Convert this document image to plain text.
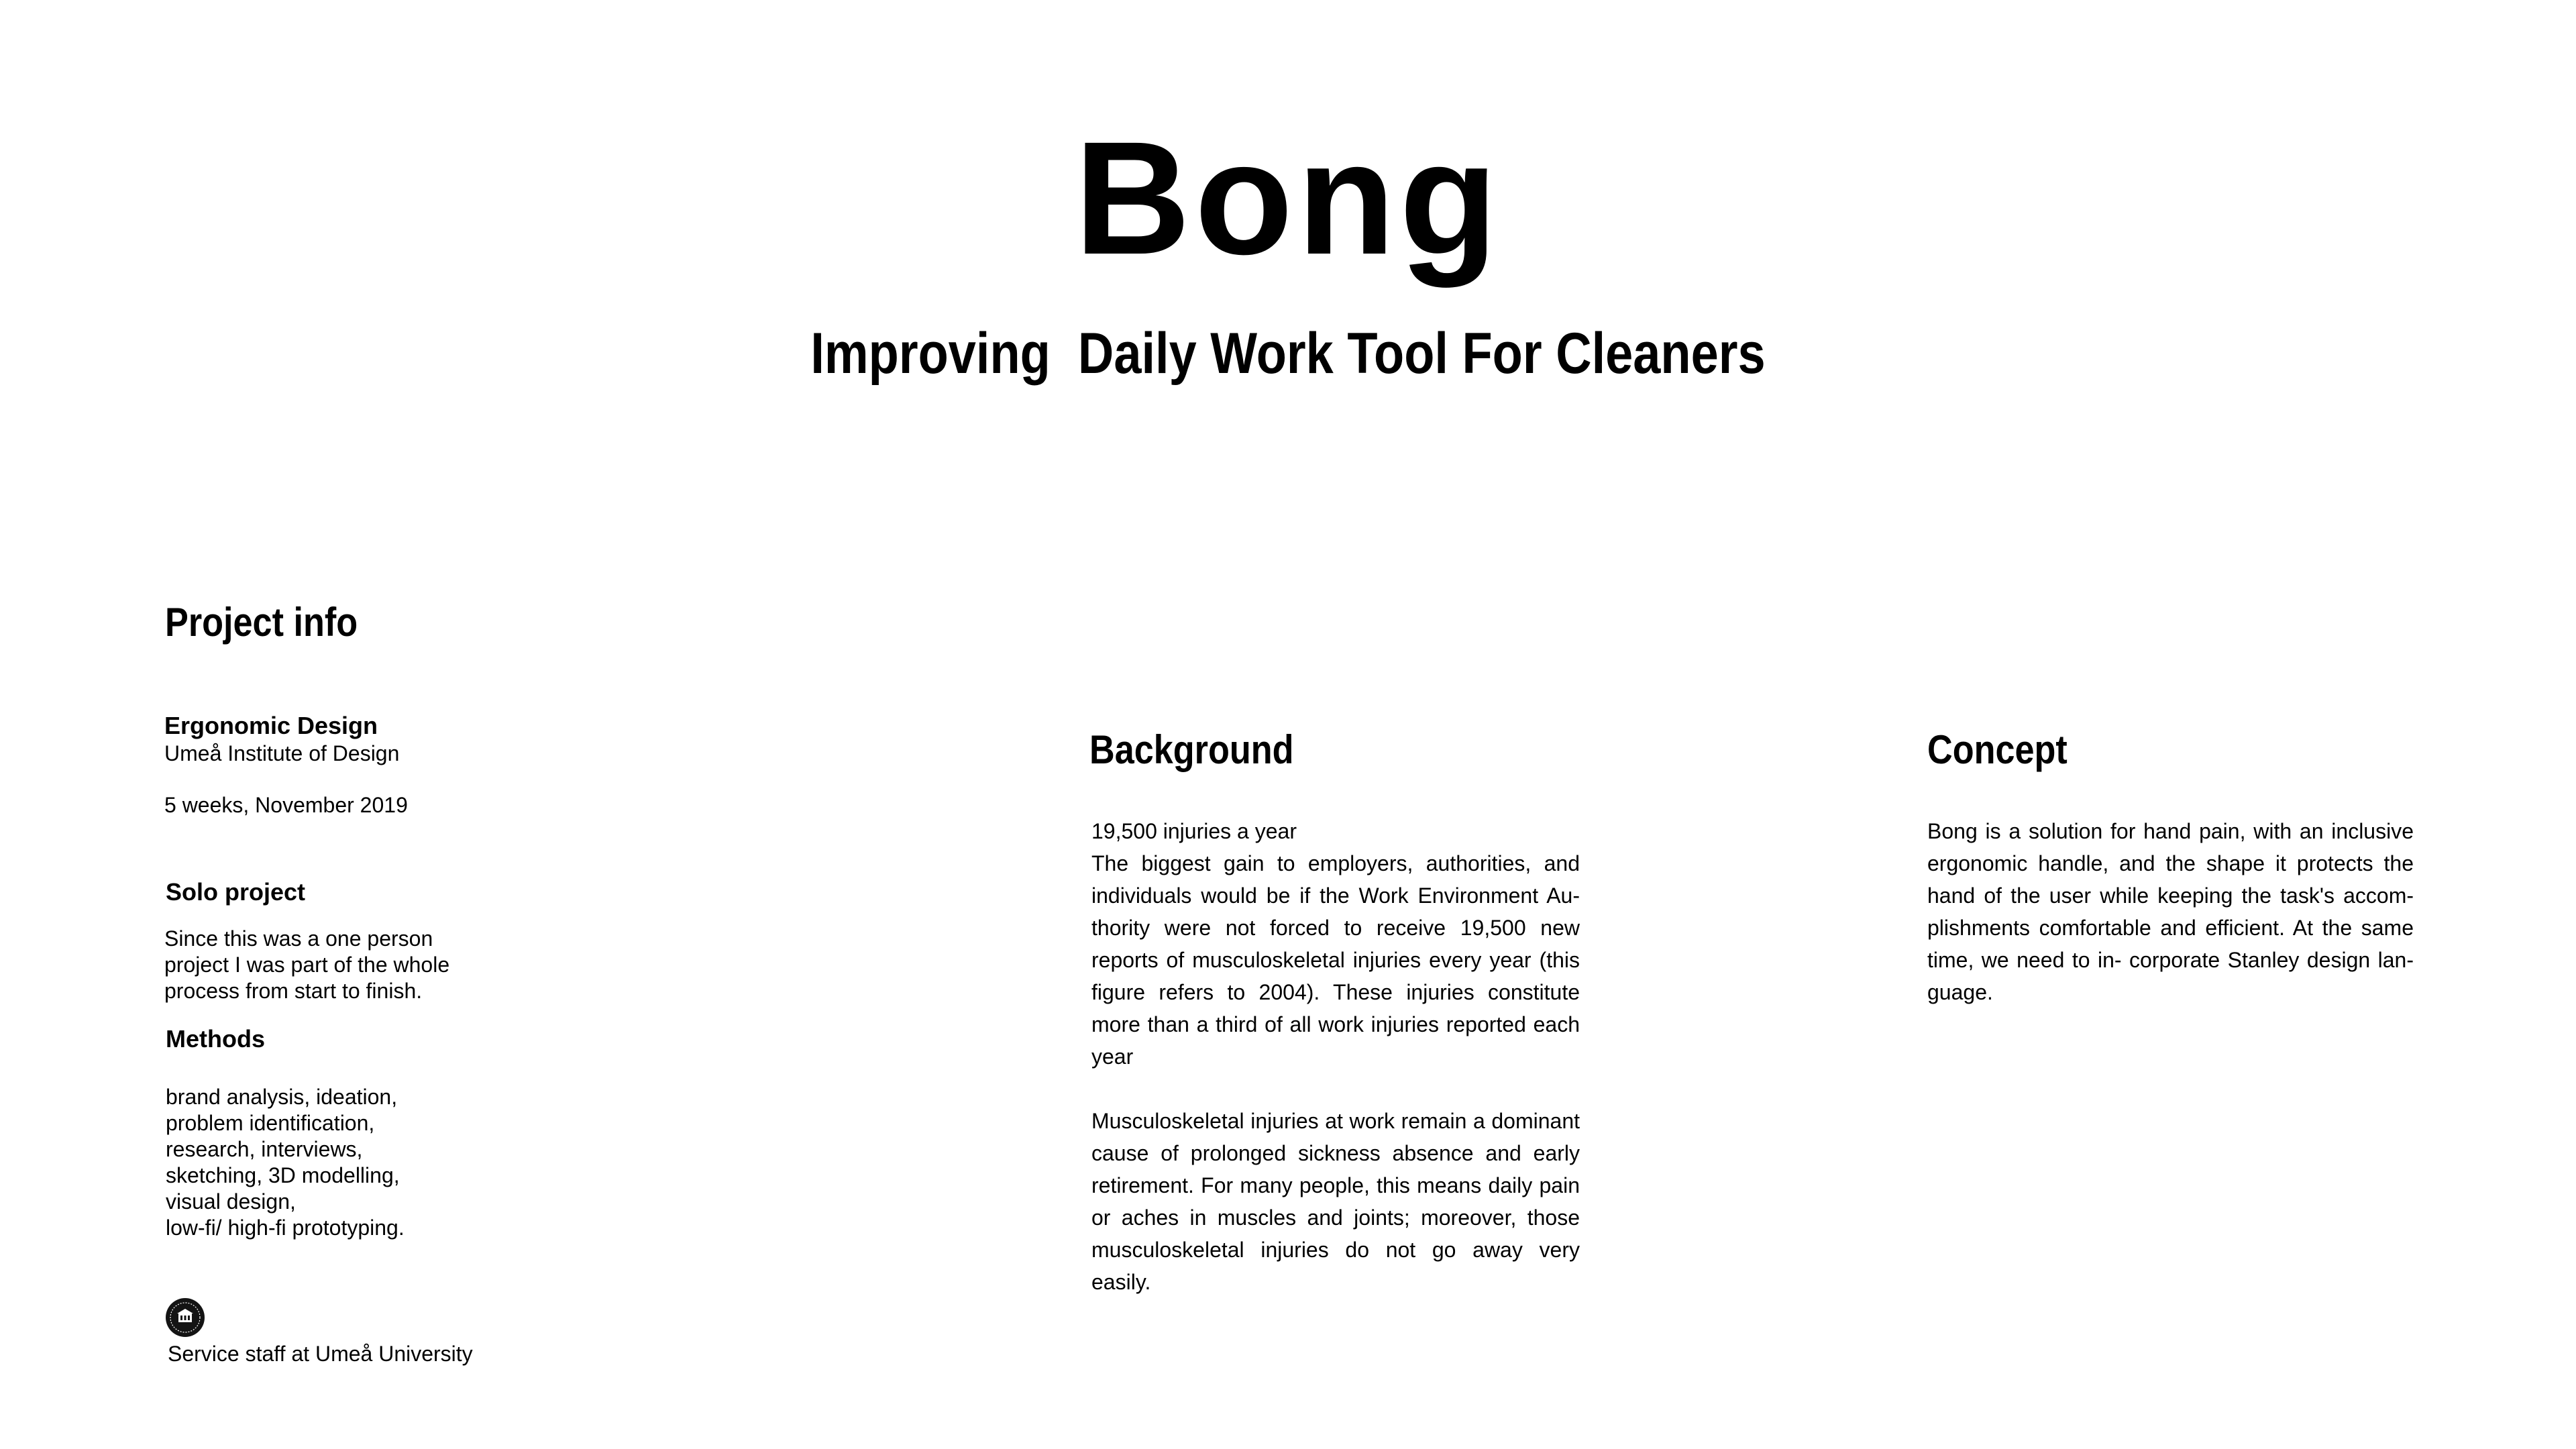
Bong
Improving  Daily Work Tool For Cleaners
Project info
Ergonomic Design
Umeå Institute of Design
5 weeks, November 2019
Solo project
Since this was a one person
project I was part of the whole
process from start to finish.
Methods
brand analysis, ideation,
problem identification,
research, interviews,
sketching, 3D modelling,
visual design,
low-fi/ high-fi prototyping.
Service staff at Umeå University
Background

19,500 injuries a year

The biggest gain to employers, authorities, and individuals would be if the Work Environment Au- thority were not forced to receive 19,500 new reports of musculoskeletal injuries every year (this figure refers to 2004). These injuries constitute more than a third of all work injuries reported each year

Musculoskeletal injuries at work remain a dominant cause of prolonged sickness absence and early retirement. For many people, this means daily pain or aches in muscles and joints; moreover, those musculoskeletal injuries do not go away very easily.

Concept

Bong is a solution for hand pain, with an inclusive ergonomic handle, and the shape it protects the hand of the user while keeping the task's accom- plishments comfortable and efficient. At the same time, we need to in- corporate Stanley design lan- guage.
